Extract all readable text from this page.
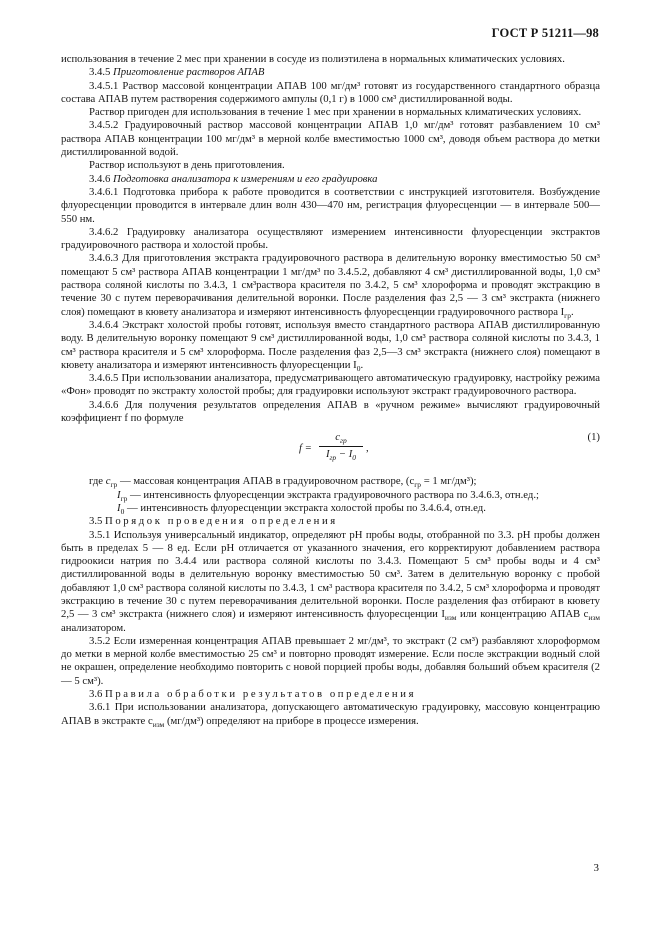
ГОСТ Р 51211—98

использования в течение 2 мес при хранении в сосуде из полиэтилена в нормальных климатических условиях.

3.4.5 Приготовление растворов АПАВ

3.4.5.1 Раствор массовой концентрации АПАВ 100 мг/дм³ готовят из государственного стандартного образца состава АПАВ путем растворения содержимого ампулы (0,1 г) в 1000 см³ дистиллированной воды.

Раствор пригоден для использования в течение 1 мес при хранении в нормальных климатических условиях.

3.4.5.2 Градуировочный раствор массовой концентрации АПАВ 1,0 мг/дм³ готовят разбавлением 10 см³ раствора АПАВ концентрации 100 мг/дм³ в мерной колбе вместимостью 1000 см³, доводя объем раствора до метки дистиллированной водой.

Раствор используют в день приготовления.

3.4.6 Подготовка анализатора к измерениям и его градуировка

3.4.6.1 Подготовка прибора к работе проводится в соответствии с инструкцией изготовителя. Возбуждение флуоресценции проводится в интервале длин волн 430—470 нм, регистрация флуоресценции — в интервале 500—550 нм.

3.4.6.2 Градуировку анализатора осуществляют измерением интенсивности флуоресценции экстрактов градуировочного раствора и холостой пробы.

3.4.6.3 Для приготовления экстракта градуировочного раствора в делительную воронку вместимостью 50 см³ помещают 5 см³ раствора АПАВ концентрации 1 мг/дм³ по 3.4.5.2, добавляют 4 см³ дистиллированной воды, 1,0 см³ раствора соляной кислоты по 3.4.3, 1 см³раствора красителя по 3.4.2, 5 см³ хлороформа и проводят экстракцию в течение 30 с путем переворачивания делительной воронки. После разделения фаз 2,5 — 3 см³ экстракта (нижнего слоя) помещают в кювету анализатора и измеряют интенсивность флуоресценции градуировочного раствора $I_{гр}$.

3.4.6.4 Экстракт холостой пробы готовят, используя вместо стандартного раствора АПАВ дистиллированную воду. В делительную воронку помещают 9 см³ дистиллированной воды, 1,0 см³ раствора соляной кислоты по 3.4.3, 1 см³ раствора красителя и 5 см³ хлороформа. После разделения фаз 2,5—3 см³ экстракта (нижнего слоя) помещают в кювету анализатора и измеряют интенсивность флуоресценции $I_0$.

3.4.6.5 При использовании анализатора, предусматривающего автоматическую градуировку, настройку режима «Фон» проводят по экстракту холостой пробы; для градуировки используют экстракт градуировочного раствора.

3.4.6.6 Для получения результатов определения АПАВ в «ручном режиме» вычисляют градуировочный коэффициент f по формуле

f =
$c_{гр}$
$I_{гр} - I_0$
,
(1)
где $c_{гр}$ — массовая концентрация АПАВ в градуировочном растворе, ($c_{гр} = 1$ мг/дм³);
$I_{гр}$ — интенсивность флуоресценции экстракта градуировочного раствора по 3.4.6.3, отн.ед.;
$I_0$ — интенсивность флуоресценции экстракта холостой пробы по 3.4.6.4, отн.ед.

3.5 Порядок проведения определения

3.5.1 Используя универсальный индикатор, определяют рН пробы воды, отобранной по 3.3. рН пробы должен быть в пределах 5 — 8 ед. Если рН отличается от указанного значения, его корректируют добавлением раствора гидроокиси натрия по 3.4.4 или раствора соляной кислоты по 3.4.3. Помещают 5 см³ пробы воды и 4 см³ дистиллированной воды в делительную воронку вместимостью 50 см³. Затем в делительную воронку с пробой добавляют 1,0 см³ раствора соляной кислоты по 3.4.3, 1 см³ раствора красителя по 3.4.2, 5 см³ хлороформа и проводят экстракцию в течение 30 с путем переворачивания делительной воронки. После разделения фаз отбирают в кювету 2,5 — 3 см³ экстракта (нижнего слоя) и измеряют интенсивность флуоресценции $I_{изм}$ или концентрацию АПАВ $c_{изм}$ анализатором.

3.5.2 Если измеренная концентрация АПАВ превышает 2 мг/дм³, то экстракт (2 см³) разбавляют хлороформом до метки в мерной колбе вместимостью 25 см³ и повторно проводят измерение. Если после экстракции водный слой не окрашен, определение необходимо повторить с новой порцией пробы воды, добавляя больший объем красителя (2 — 5 см³).

3.6 Правила обработки результатов определения

3.6.1 При использовании анализатора, допускающего автоматическую градуировку, массовую концентрацию АПАВ в экстракте $c_{изм}$ (мг/дм³) определяют на приборе в процессе измерения.

3
